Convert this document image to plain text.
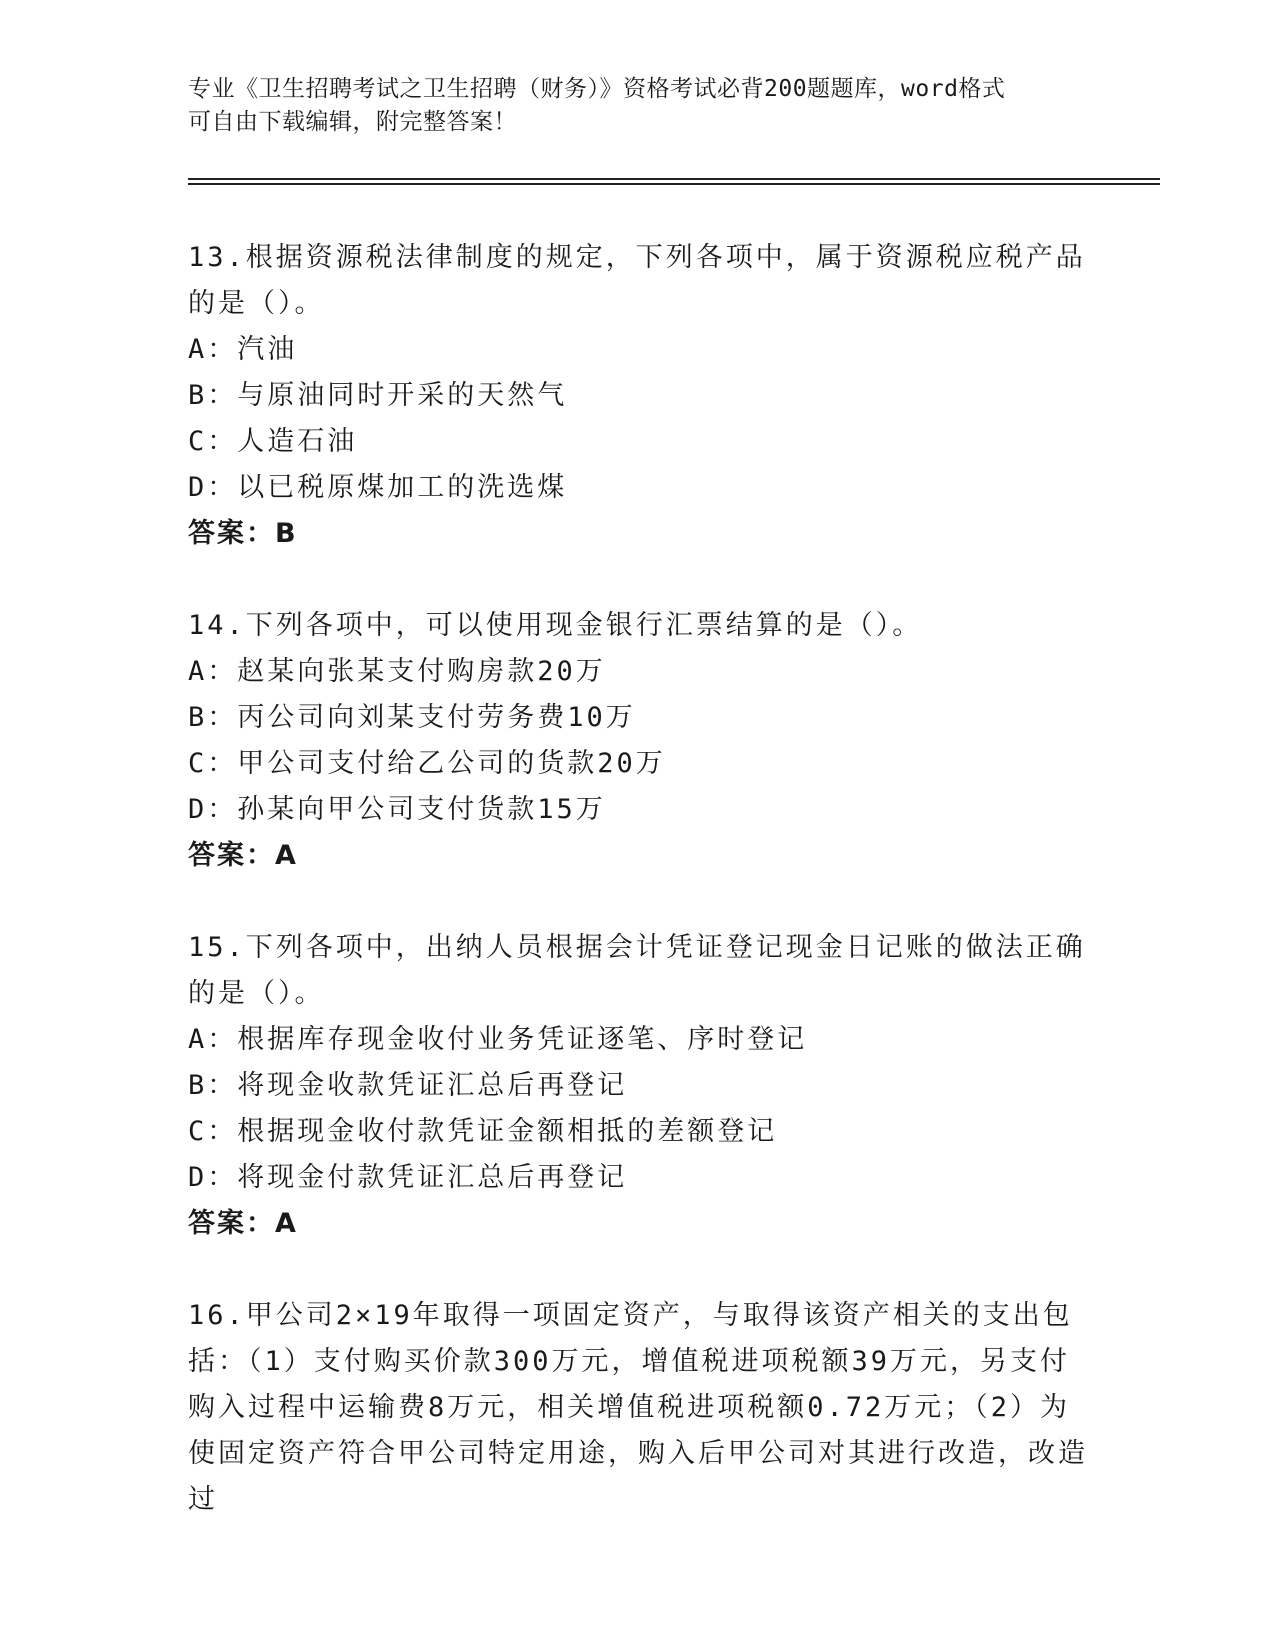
专业《卫生招聘考试之卫生招聘（财务）》资格考试必背200题题库，word格式
可自由下载编辑，附完整答案！

13.根据资源税法律制度的规定，下列各项中，属于资源税应税产品的是（）。

A：汽油

B：与原油同时开采的天然气

C：人造石油

D：以已税原煤加工的洗选煤

答案：B

14.下列各项中，可以使用现金银行汇票结算的是（）。

A：赵某向张某支付购房款20万

B：丙公司向刘某支付劳务费10万

C：甲公司支付给乙公司的货款20万

D：孙某向甲公司支付货款15万

答案：A

15.下列各项中，出纳人员根据会计凭证登记现金日记账的做法正确的是（）。

A：根据库存现金收付业务凭证逐笔、序时登记

B：将现金收款凭证汇总后再登记

C：根据现金收付款凭证金额相抵的差额登记

D：将现金付款凭证汇总后再登记

答案：A

16.甲公司2×19年取得一项固定资产，与取得该资产相关的支出包括：（1）支付购买价款300万元，增值税进项税额39万元，另支付购入过程中运输费8万元，相关增值税进项税额0.72万元；（2）为使固定资产符合甲公司特定用途，购入后甲公司对其进行改造，改造过
